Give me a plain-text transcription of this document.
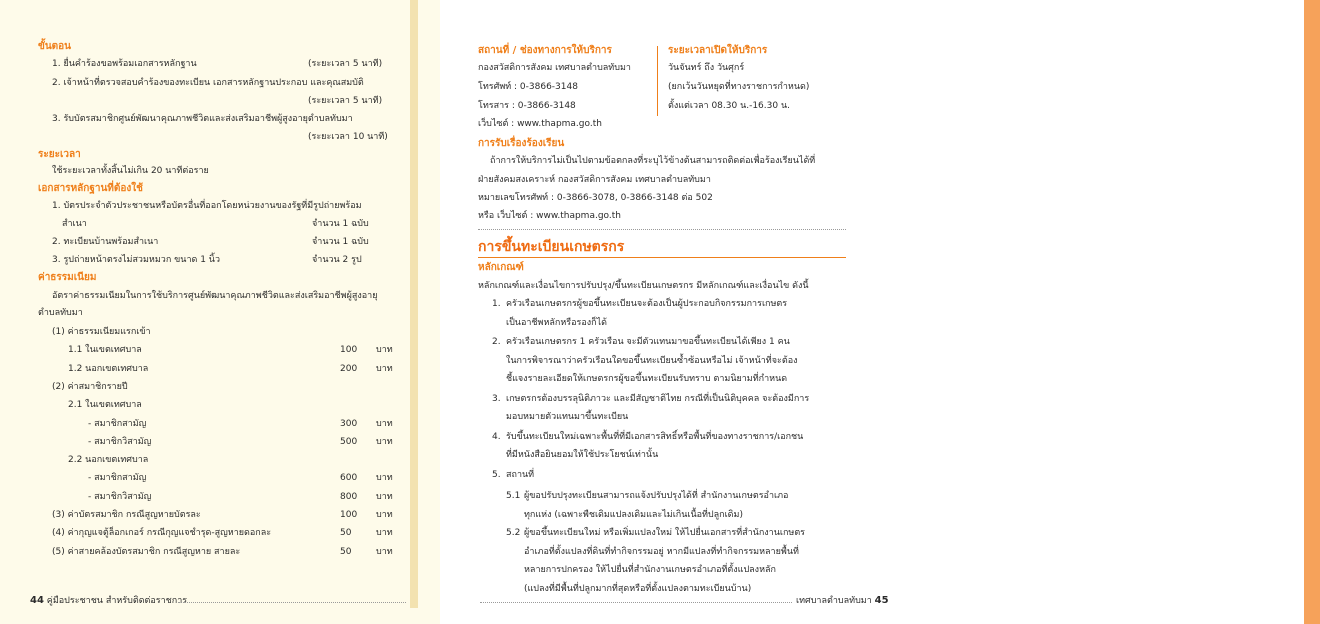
ขั้นตอน
1. ยื่นคำร้องขอพร้อมเอกสารหลักฐาน	(ระยะเวลา 5 นาที)
2. เจ้าหน้าที่ตรวจสอบคำร้องของทะเบียน เอกสารหลักฐานประกอบ และคุณสมบัติ
(ระยะเวลา 5 นาที)
3. รับบัตรสมาชิกศูนย์พัฒนาคุณภาพชีวิตและส่งเสริมอาชีพผู้สูงอายุตำบลทับมา
(ระยะเวลา 10 นาที)
ระยะเวลา
ใช้ระยะเวลาทั้งสิ้นไม่เกิน 20 นาทีต่อราย
เอกสารหลักฐานที่ต้องใช้
1. บัตรประจำตัวประชาชนหรือบัตรอื่นที่ออกโดยหน่วยงานของรัฐที่มีรูปถ่ายพร้อม
สำเนา	จำนวน 1 ฉบับ
2. ทะเบียนบ้านพร้อมสำเนา	จำนวน 1 ฉบับ
3. รูปถ่ายหน้าตรงไม่สวมหมวก ขนาด 1 นิ้ว	จำนวน 2 รูป
ค่าธรรมเนียม
อัตราค่าธรรมเนียมในการใช้บริการศูนย์พัฒนาคุณภาพชีวิตและส่งเสริมอาชีพผู้สูงอายุ
ตำบลทับมา
(1) ค่าธรรมเนียมแรกเข้า
1.1 ในเขตเทศบาล	100 บาท
1.2 นอกเขตเทศบาล	200 บาท
(2) ค่าสมาชิกรายปี
2.1 ในเขตเทศบาล
- สมาชิกสามัญ	300 บาท
- สมาชิกวิสามัญ	500 บาท
2.2 นอกเขตเทศบาล
- สมาชิกสามัญ	600 บาท
- สมาชิกวิสามัญ	800 บาท
(3) ค่าบัตรสมาชิก กรณีสูญหายบัตรละ	100 บาท
(4) ค่ากุญแจตู้ล็อกเกอร์ กรณีกุญแจชำรุด-สูญหายดอกละ	50	บาท
(5) ค่าสายคล้องบัตรสมาชิก กรณีสูญหาย สายละ	50	บาท
44 คู่มือประชาชน สำหรับติดต่อราชการ
สถานที่ / ช่องทางการให้บริการ
กองสวัสดิการสังคม เทศบาลตำบลทับมา
โทรศัพท์ : 0-3866-3148
โทรสาร : 0-3866-3148
เว็บไซต์ : www.thapma.go.th
ระยะเวลาเปิดให้บริการ
วันจันทร์ ถึง วันศุกร์
(ยกเว้นวันหยุดที่ทางราชการกำหนด)
ตั้งแต่เวลา 08.30 น.-16.30 น.
การรับเรื่องร้องเรียน
ถ้าการให้บริการไม่เป็นไปตามข้อตกลงที่ระบุไว้ข้างต้นสามารถติดต่อเพื่อร้องเรียนได้ที่
ฝ่ายสังคมสงเคราะห์ กองสวัสดิการสังคม เทศบาลตำบลทับมา
หมายเลขโทรศัพท์ : 0-3866-3078, 0-3866-3148 ต่อ 502
หรือ เว็บไซต์ : www.thapma.go.th
การขึ้นทะเบียนเกษตรกร
หลักเกณฑ์
หลักเกณฑ์และเงื่อนไขการปรับปรุง/ขึ้นทะเบียนเกษตรกร มีหลักเกณฑ์และเงื่อนไข ดังนี้
1. ครัวเรือนเกษตรกรผู้ขอขึ้นทะเบียนจะต้องเป็นผู้ประกอบกิจกรรมการเกษตร
เป็นอาชีพหลักหรือรองก็ได้
2. ครัวเรือนเกษตรกร 1 ครัวเรือน จะมีตัวแทนมาขอขึ้นทะเบียนได้เพียง 1 คน
ในการพิจารณาว่าครัวเรือนใดขอขึ้นทะเบียนซ้ำซ้อนหรือไม่ เจ้าหน้าที่จะต้อง
ชี้แจงรายละเอียดให้เกษตรกรผู้ขอขึ้นทะเบียนรับทราบ ตามนิยามที่กำหนด
3. เกษตรกรต้องบรรลุนิติภาวะ และมีสัญชาติไทย กรณีที่เป็นนิติบุคคล จะต้องมีการ
มอบหมายตัวแทนมาขึ้นทะเบียน
4. รับขึ้นทะเบียนใหม่เฉพาะพื้นที่ที่มีเอกสารสิทธิ์หรือพื้นที่ของทางราชการ/เอกชน
ที่มีหนังสือยินยอมให้ใช้ประโยชน์เท่านั้น
5. สถานที่
5.1 ผู้ขอปรับปรุงทะเบียนสามารถแจ้งปรับปรุงได้ที่ สำนักงานเกษตรอำเภอ
ทุกแห่ง (เฉพาะพืชเดิมแปลงเดิมและไม่เกินเนื้อที่ปลูกเดิม)
5.2 ผู้ขอขึ้นทะเบียนใหม่ หรือเพิ่มแปลงใหม่ ให้ไปยื่นเอกสารที่สำนักงานเกษตร
อำเภอที่ตั้งแปลงที่ดินที่ทำกิจกรรมอยู่ หากมีแปลงที่ทำกิจกรรมหลายพื้นที่
หลายการปกครอง ให้ไปยื่นที่สำนักงานเกษตรอำเภอที่ตั้งแปลงหลัก
(แปลงที่มีพื้นที่ปลูกมากที่สุดหรือที่ตั้งแปลงตามทะเบียนบ้าน)
เทศบาลตำบลทับมา 45
